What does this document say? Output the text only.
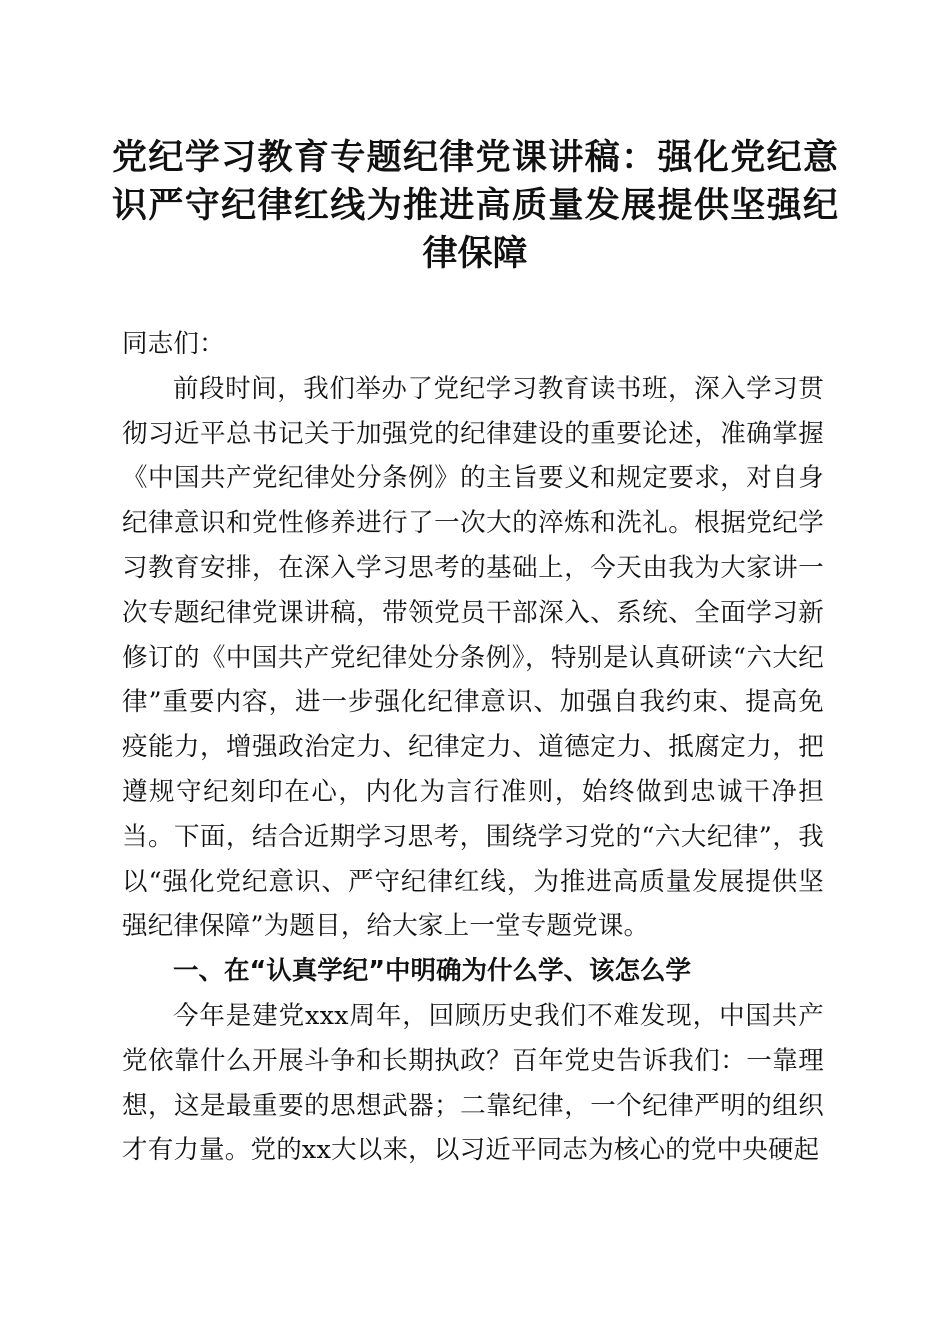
党纪学习教育专题纪律党课讲稿：强化党纪意识严守纪律红线为推进高质量发展提供坚强纪律保障

同志们：

前段时间，我们举办了党纪学习教育读书班，深入学习贯彻习近平总书记关于加强党的纪律建设的重要论述，准确掌握《中国共产党纪律处分条例》的主旨要义和规定要求，对自身纪律意识和党性修养进行了一次大的淬炼和洗礼。根据党纪学习教育安排，在深入学习思考的基础上，今天由我为大家讲一次专题纪律党课讲稿，带领党员干部深入、系统、全面学习新修订的《中国共产党纪律处分条例》，特别是认真研读“六大纪律”重要内容，进一步强化纪律意识、加强自我约束、提高免疫能力，增强政治定力、纪律定力、道德定力、抵腐定力，把遵规守纪刻印在心，内化为言行准则，始终做到忠诚干净担当。下面，结合近期学习思考，围绕学习党的“六大纪律”，我以“强化党纪意识、严守纪律红线，为推进高质量发展提供坚强纪律保障”为题目，给大家上一堂专题党课。

一、在“认真学纪”中明确为什么学、该怎么学

今年是建党xxx周年，回顾历史我们不难发现，中国共产党依靠什么开展斗争和长期执政？百年党史告诉我们：一靠理想，这是最重要的思想武器；二靠纪律，一个纪律严明的组织才有力量。党的xx大以来，以习近平同志为核心的党中央硬起
